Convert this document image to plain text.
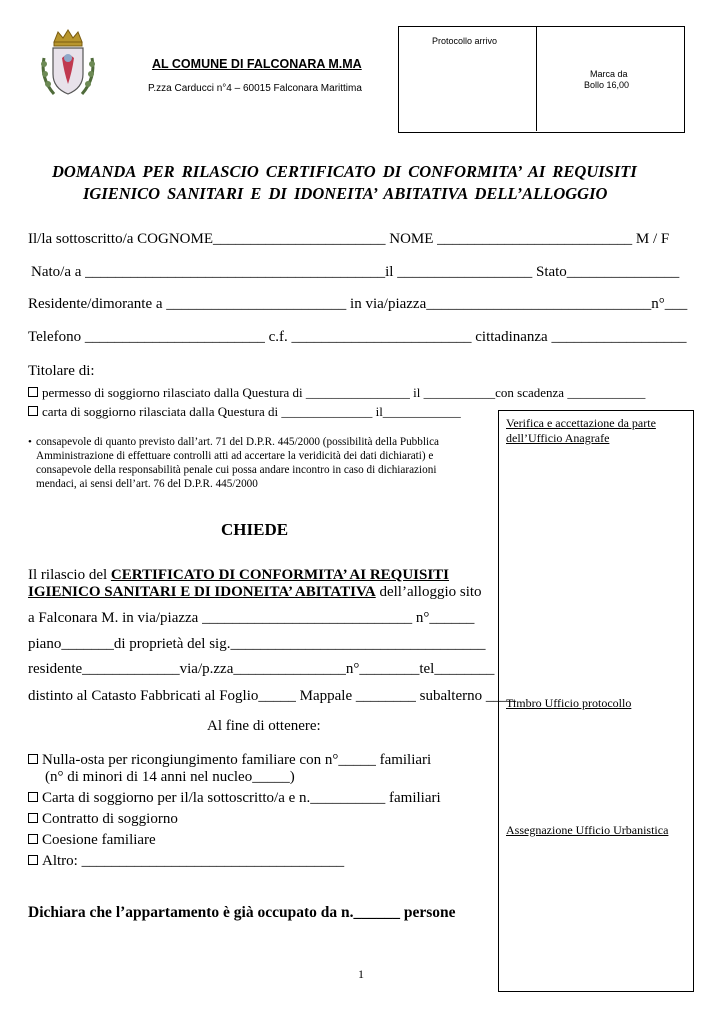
AL COMUNE DI FALCONARA M.MA
P.zza Carducci n°4 – 60015 Falconara Marittima
Protocollo arrivo
Marca da
Bollo 16,00
DOMANDA PER RILASCIO CERTIFICATO DI CONFORMITA’ AI REQUISITI
IGIENICO SANITARI E DI IDONEITA’ ABITATIVA DELL’ALLOGGIO
Il/la sottoscritto/a COGNOME_______________________ NOME __________________________ M / F
Nato/a a ________________________________________il __________________ Stato_______________
Residente/dimorante a ________________________ in via/piazza______________________________n°___
Telefono ________________________ c.f. ________________________ cittadinanza __________________
Titolare di:
permesso di soggiorno rilasciato dalla Questura di ________________ il ___________con scadenza ____________
carta di soggiorno rilasciata dalla Questura di ______________ il____________
Verifica e accettazione da parte
dell’Ufficio Anagrafe
Timbro Ufficio protocollo
Assegnazione Ufficio Urbanistica
• consapevole di quanto previsto dall’art. 71 del D.P.R. 445/2000 (possibilità della Pubblica
Amministrazione di effettuare controlli atti ad accertare la veridicità dei dati dichiarati) e
consapevole della responsabilità penale cui possa andare incontro in caso di dichiarazioni
mendaci, ai sensi dell’art. 76 del D.P.R. 445/2000
CHIEDE
Il rilascio del CERTIFICATO DI CONFORMITA’ AI REQUISITI
IGIENICO SANITARI E DI IDONEITA’ ABITATIVA dell’alloggio sito
a Falconara M. in via/piazza ____________________________ n°______
piano_______di proprietà del sig.__________________________________
residente_____________via/p.zza_______________n°________tel________
distinto al Catasto Fabbricati al Foglio_____ Mappale ________ subalterno ____
Al fine di ottenere:
Nulla-osta per ricongiungimento familiare con n°_____ familiari
(n° di minori di 14 anni nel nucleo_____)
Carta di soggiorno per il/la sottoscritto/a e n.__________ familiari
Contratto di soggiorno
Coesione familiare
Altro: ___________________________________
Dichiara che l’appartamento è già occupato da n.______ persone
1
